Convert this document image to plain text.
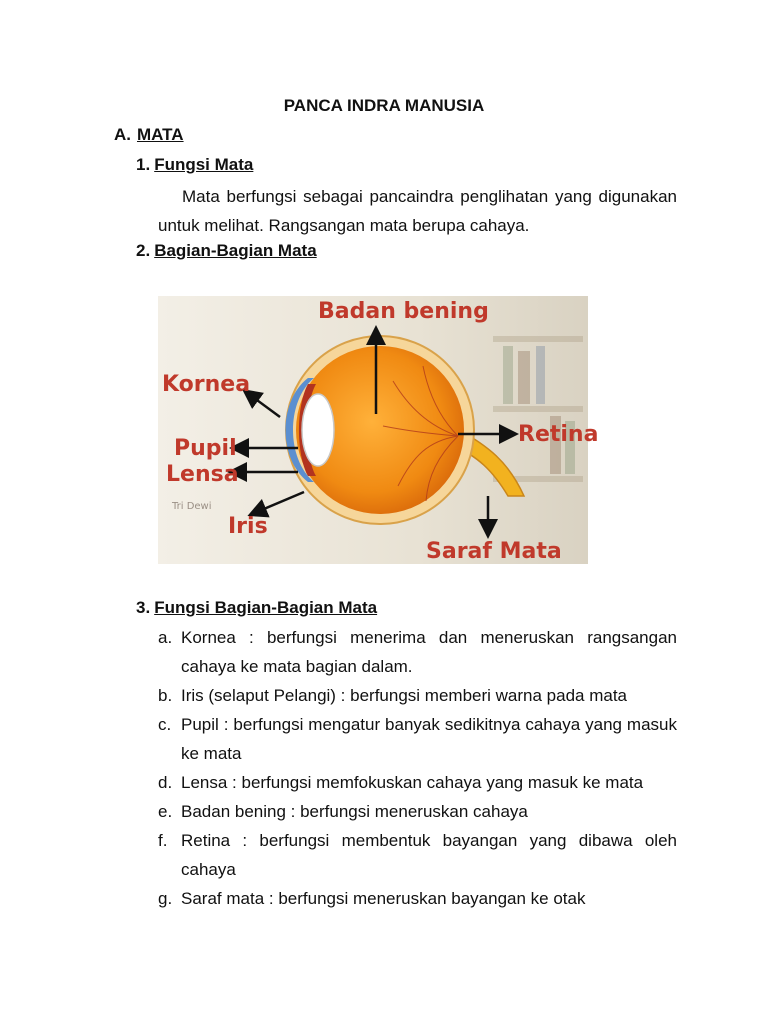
PANCA INDRA MANUSIA
A. MATA
1. Fungsi Mata
Mata berfungsi sebagai pancaindra penglihatan yang digunakan untuk melihat. Rangsangan mata berupa cahaya.
2. Bagian-Bagian Mata
Badan bening
Kornea
Pupil
Lensa
Tri Dewi
Iris
Retina
Saraf Mata
3. Fungsi Bagian-Bagian Mata
a. Kornea : berfungsi menerima dan meneruskan rangsangan cahaya ke mata bagian dalam.
b. Iris (selaput Pelangi) : berfungsi memberi warna pada mata
c. Pupil : berfungsi mengatur banyak sedikitnya cahaya yang masuk ke mata
d. Lensa : berfungsi memfokuskan cahaya yang masuk ke mata
e. Badan bening : berfungsi meneruskan cahaya
f. Retina : berfungsi membentuk bayangan yang dibawa oleh cahaya
g. Saraf mata : berfungsi meneruskan bayangan ke otak
